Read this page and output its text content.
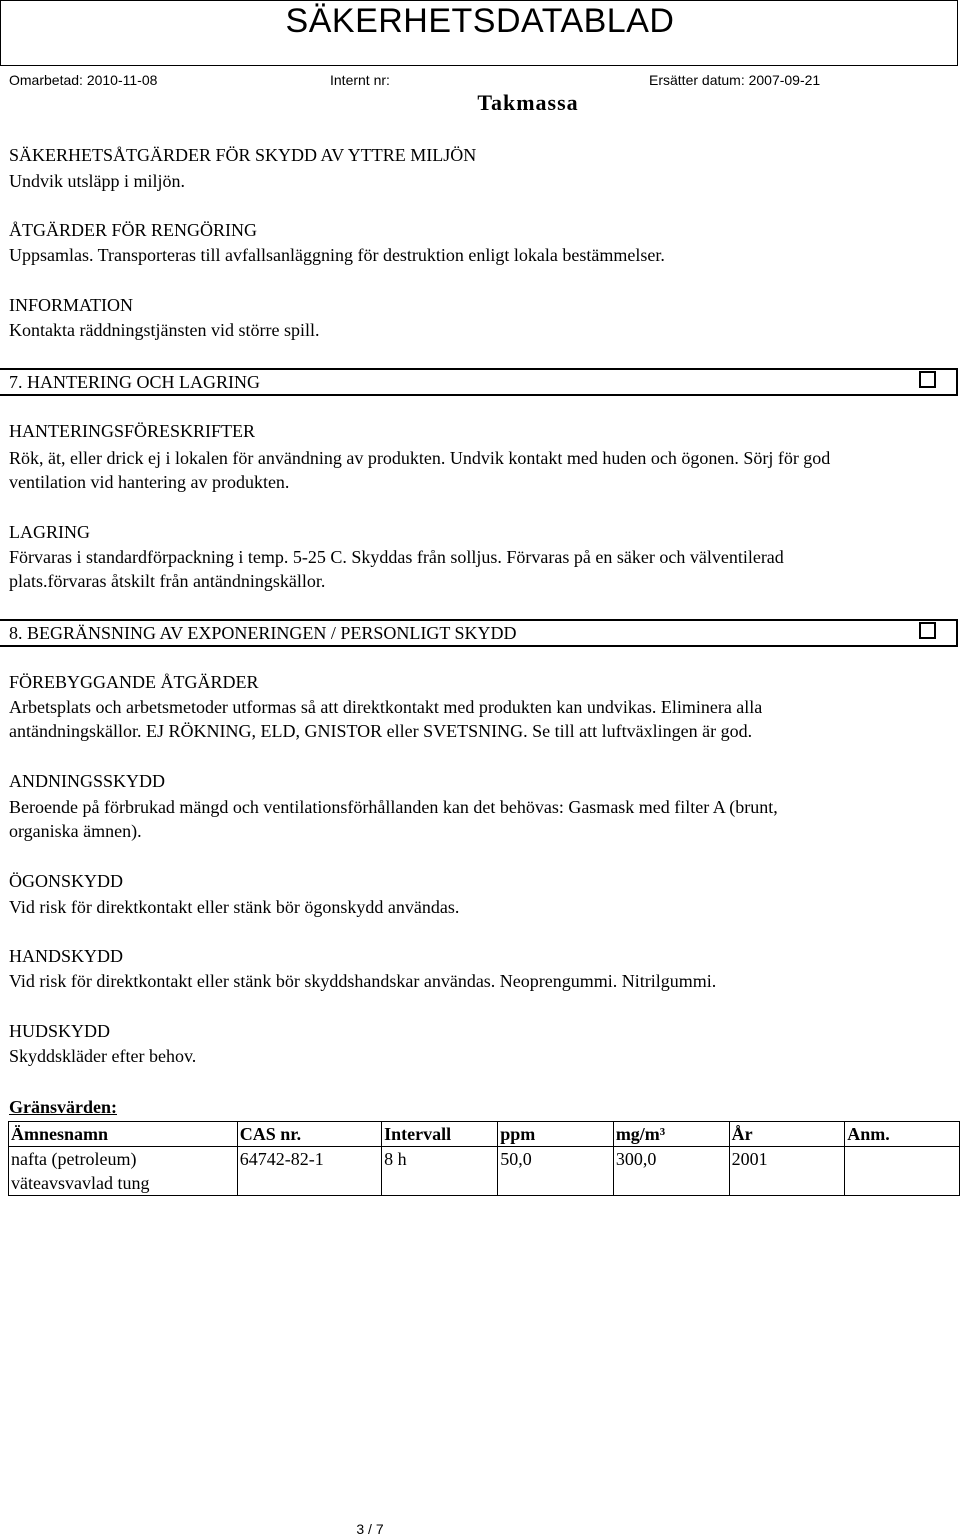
SÄKERHETSDATABLAD
Omarbetad: 2010-11-08	Internt nr:	Ersätter datum: 2007-09-21
Takmassa
SÄKERHETSÅTGÄRDER FÖR SKYDD AV YTTRE MILJÖN
Undvik utsläpp i miljön.
ÅTGÄRDER FÖR RENGÖRING
Uppsamlas. Transporteras till avfallsanläggning för destruktion enligt lokala bestämmelser.
INFORMATION
Kontakta räddningstjänsten vid större spill.
7. HANTERING OCH LAGRING
HANTERINGSFÖRESKRIFTER
Rök, ät, eller drick ej i lokalen för användning av produkten. Undvik kontakt med huden och ögonen. Sörj för god
ventilation vid hantering av produkten.
LAGRING
Förvaras i standardförpackning i temp. 5-25 C. Skyddas från solljus. Förvaras på en säker och välventilerad
plats.förvaras åtskilt från antändningskällor.
8. BEGRÄNSNING AV EXPONERINGEN / PERSONLIGT SKYDD
FÖREBYGGANDE ÅTGÄRDER
Arbetsplats och arbetsmetoder utformas så att direktkontakt med produkten kan undvikas. Eliminera alla
antändningskällor. EJ RÖKNING, ELD, GNISTOR eller SVETSNING. Se till att luftväxlingen är god.
ANDNINGSSKYDD
Beroende på förbrukad mängd och ventilationsförhållanden kan det behövas: Gasmask med filter A (brunt,
organiska ämnen).
ÖGONSKYDD
Vid risk för direktkontakt eller stänk bör ögonskydd användas.
HANDSKYDD
Vid risk för direktkontakt eller stänk bör skyddshandskar användas. Neoprengummi. Nitrilgummi.
HUDSKYDD
Skyddskläder efter behov.
Gränsvärden:
Ämnesnamn	CAS nr.	Intervall	ppm	mg/m³	År	Anm.

nafta (petroleum)
väteavsvavlad tung	64742-82-1	8 h	50,0	300,0	2001	
3 / 7
